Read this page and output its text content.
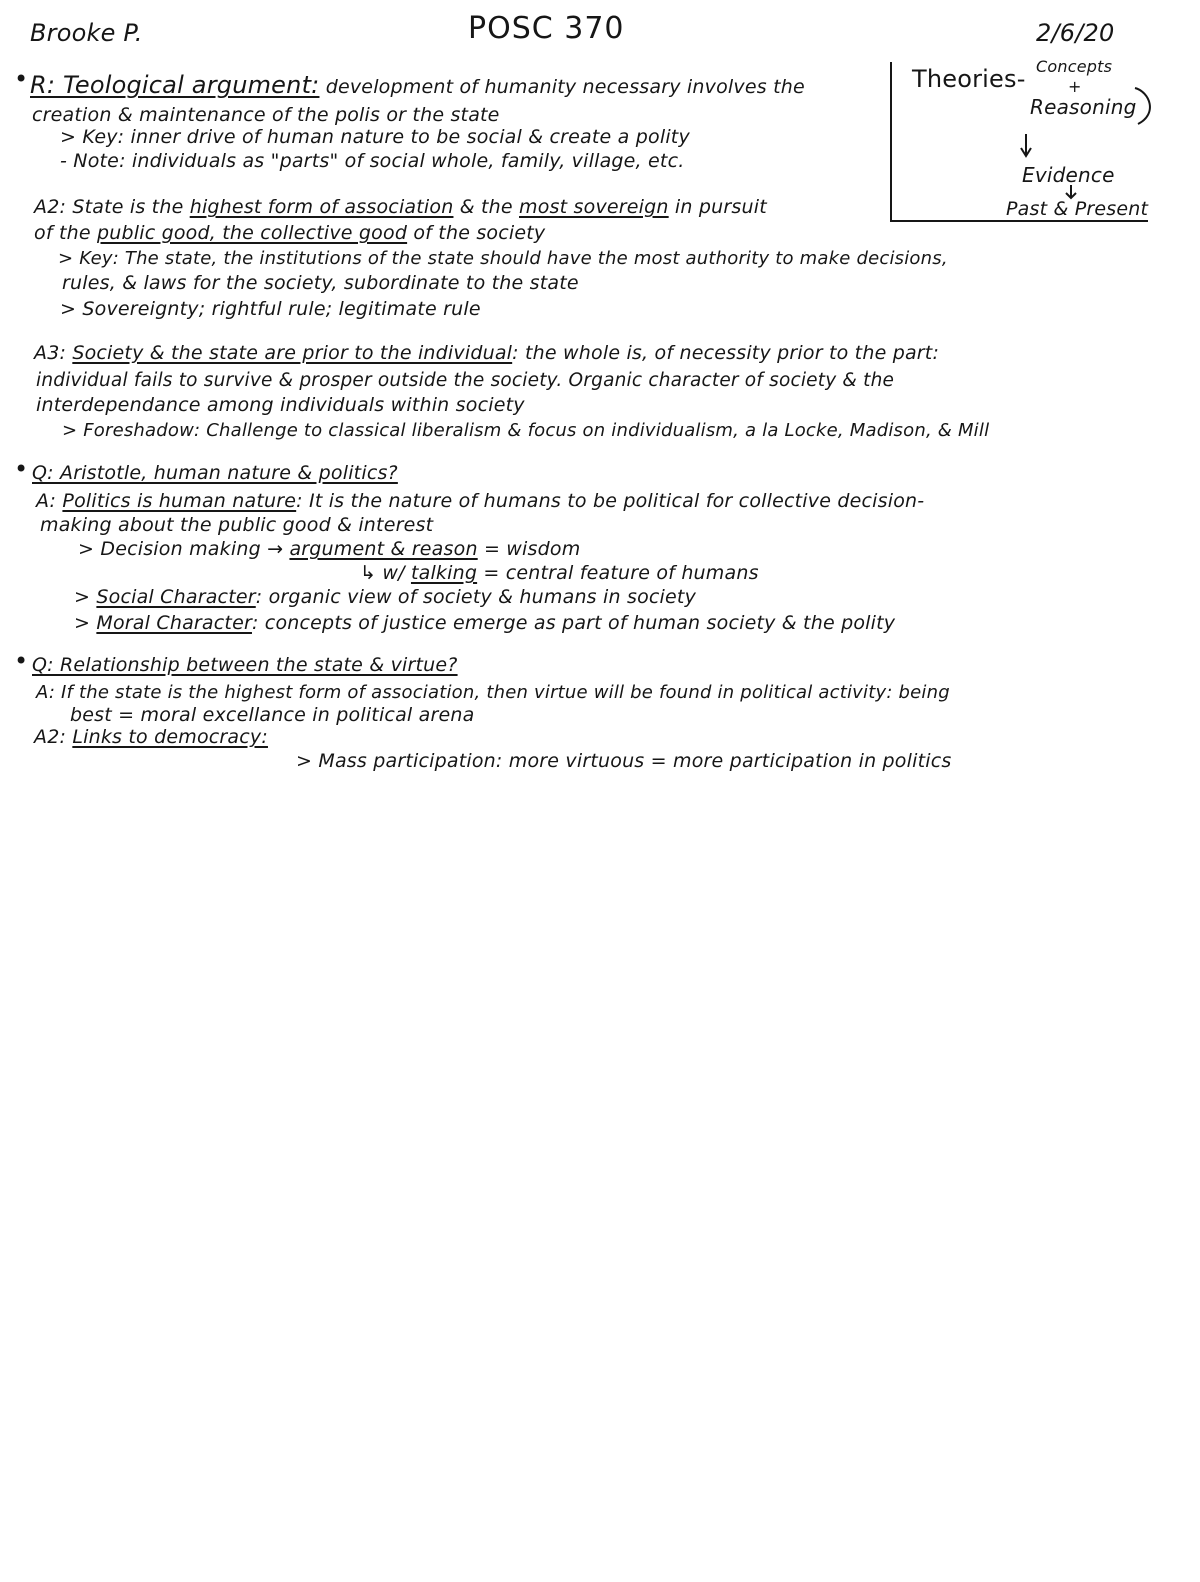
Brooke P.	POSC 370	2/6/20
Theories- Concepts
+
Reasoning
Evidence
Past & Present
• R: Teological argument: development of humanity necessary involves the
creation & maintenance of the polis or the state
> Key: inner drive of human nature to be social & create a polity
- Note: individuals as "parts" of social whole, family, village, etc.
A2: State is the highest form of association & the most sovereign in pursuit
of the public good, the collective good of the society
> Key: The state, the institutions of the state should have the most authority to make decisions,
rules, & laws for the society, subordinate to the state
> Sovereignty; rightful rule; legitimate rule
A3: Society & the state are prior to the individual: the whole is, of necessity prior to the part:
individual fails to survive & prosper outside the society. Organic character of society & the
interdependance among individuals within society
> Foreshadow: Challenge to classical liberalism & focus on individualism, a la Locke, Madison, & Mill
• Q: Aristotle, human nature & politics?
A: Politics is human nature: It is the nature of humans to be political for collective decision-
making about the public good & interest
> Decision making → argument & reason = wisdom
↳ w/ talking = central feature of humans
> Social Character: organic view of society & humans in society
> Moral Character: concepts of justice emerge as part of human society & the polity
• Q: Relationship between the state & virtue?
A: If the state is the highest form of association, then virtue will be found in political activity: being
best = moral excellance in political arena
A2: Links to democracy:
> Mass participation: more virtuous = more participation in politics
